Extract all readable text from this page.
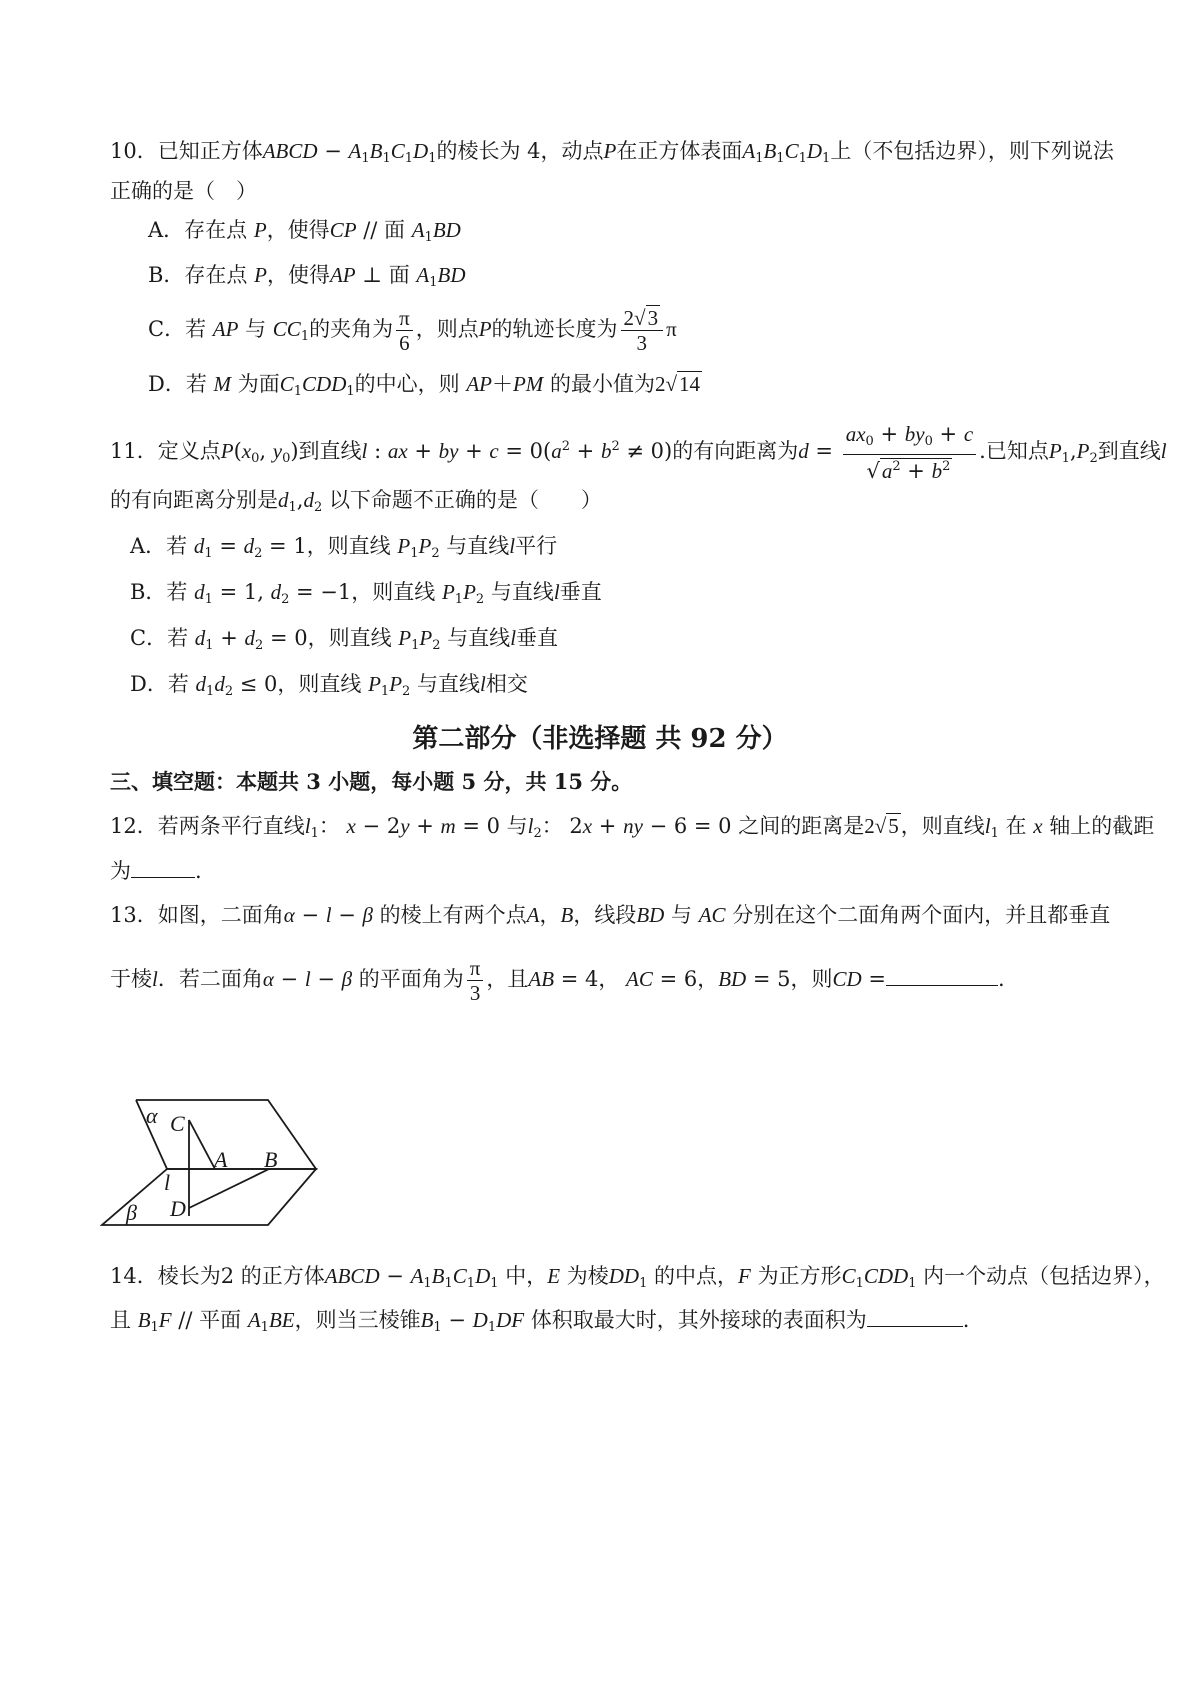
10．已知正方体ABCD − $A_1B_1C_1D_1$的棱长为 4，动点P在正方体表面$A_1B_1C_1D_1$上（不包括边界），则下列说法
正确的是（　）
A．存在点 P，使得CP // 面 $A_1BD$
B．存在点 P，使得AP ⊥ 面 $A_1BD$
C．若 AP 与 $CC_1$的夹角为 $\frac{\pi}{6}$ ，则点P的轨迹长度为 $\frac{2√3}{3}$ π
D．若 M 为面$C_1CDD_1$的中心，则 AP＋PM 的最小值为2√14
11．定义点$P(x_0$, $y_0$)到直线l : ax + by + $c = 0(a^2 + b^2 \ne 0)$的有向距离为$d = \frac{ax_0 + by_0 + c}{√a^2 + b^2}$ .已知点$P_1,P_2$到直线l
的有向距离分别是$d_1,d_2$ 以下命题不正确的是（　　）
A．若 $d_1 = d_2 = 1$，则直线 $P_1P_2$ 与直线l平行
B．若 $d_1 = 1$, $d_2 = -1$，则直线 $P_1P_2$ 与直线l垂直
C．若 $d_1 + d_2 = 0$，则直线 $P_1P_2$ 与直线l垂直
D．若 $d_1d_2 \le 0$，则直线 $P_1P_2$ 与直线l相交
第二部分（非选择题 共 92 分）
三、填空题：本题共 3 小题，每小题 5 分，共 15 分。
12．若两条平行直线$l_1$： x − 2y + m = 0 与$l_2$： 2x + ny − 6 = 0 之间的距离是2√5，则直线$l_1$ 在 x 轴上的截距
为	.
13．如图，二面角α − l − β 的棱上有两个点A，B，线段BD 与 AC 分别在这个二面角两个面内，并且都垂直
于棱l．若二面角α − l − β 的平面角为 $\frac{\pi}{3}$ ，且AB = 4， AC = 6，BD = 5，则CD =	.
α C
A B
l
D
β
14．棱长为2 的正方体ABCD − $A_1B_1C_1D_1$ 中，E 为棱$DD_1$ 的中点，F 为正方形$C_1CDD_1$ 内一个动点（包括边界），
且 $B_1F$ // 平面 $A_1BE$，则当三棱锥$B_1 - D_1DF$ 体积取最大时，其外接球的表面积为	.
